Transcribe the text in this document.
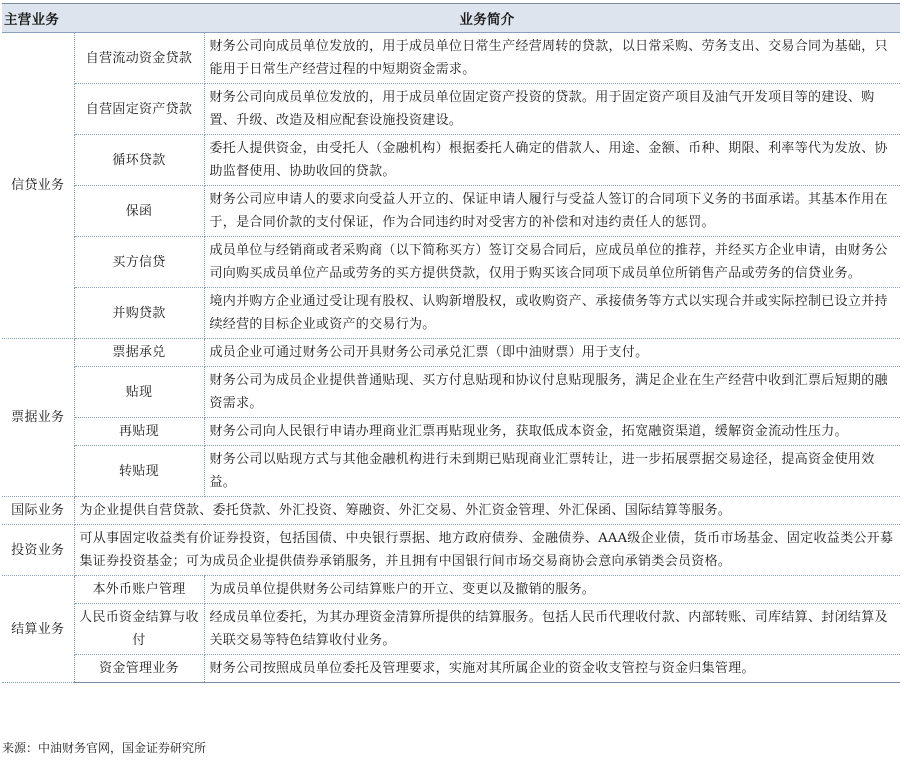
主营业务	业务简介	
信贷业务	自营流动资金贷款	财务公司向成员单位发放的，用于成员单位日常生产经营周转的贷款，以日常采购、劳务支出、交易合同为基础，只能用于日常生产经营过程的中短期资金需求。
	自营固定资产贷款	财务公司向成员单位发放的，用于成员单位固定资产投资的贷款。用于固定资产项目及油气开发项目等的建设、购置、升级、改造及相应配套设施投资建设。
	循环贷款	委托人提供资金，由受托人（金融机构）根据委托人确定的借款人、用途、金额、币种、期限、利率等代为发放、协助监督使用、协助收回的贷款。
	保函	财务公司应申请人的要求向受益人开立的、保证申请人履行与受益人签订的合同项下义务的书面承诺。其基本作用在于，是合同价款的支付保证，作为合同违约时对受害方的补偿和对违约责任人的惩罚。
	买方信贷	成员单位与经销商或者采购商（以下简称买方）签订交易合同后，应成员单位的推荐，并经买方企业申请，由财务公司向购买成员单位产品或劳务的买方提供贷款，仅用于购买该合同项下成员单位所销售产品或劳务的信贷业务。
	并购贷款	境内并购方企业通过受让现有股权、认购新增股权，或收购资产、承接债务等方式以实现合并或实际控制已设立并持续经营的目标企业或资产的交易行为。
票据业务	票据承兑	成员企业可通过财务公司开具财务公司承兑汇票（即中油财票）用于支付。
	贴现	财务公司为成员企业提供普通贴现、买方付息贴现和协议付息贴现服务，满足企业在生产经营中收到汇票后短期的融资需求。
	再贴现	财务公司向人民银行申请办理商业汇票再贴现业务，获取低成本资金，拓宽融资渠道，缓解资金流动性压力。
	转贴现	财务公司以贴现方式与其他金融机构进行未到期已贴现商业汇票转让，进一步拓展票据交易途径，提高资金使用效益。
国际业务	为企业提供自营贷款、委托贷款、外汇投资、筹融资、外汇交易、外汇资金管理、外汇保函、国际结算等服务。	
投资业务	可从事固定收益类有价证券投资，包括国债、中央银行票据、地方政府债券、金融债券、AAA级企业债，货币市场基金、固定收益类公开募集证券投资基金；可为成员企业提供债券承销服务，并且拥有中国银行间市场交易商协会意向承销类会员资格。	
结算业务	本外币账户管理	为成员单位提供财务公司结算账户的开立、变更以及撤销的服务。
	人民币资金结算与收付	经成员单位委托，为其办理资金清算所提供的结算服务。包括人民币代理收付款、内部转账、司库结算、封闭结算及关联交易等特色结算收付业务。
	资金管理业务	财务公司按照成员单位委托及管理要求，实施对其所属企业的资金收支管控与资金归集管理。
来源：中油财务官网，国金证券研究所
